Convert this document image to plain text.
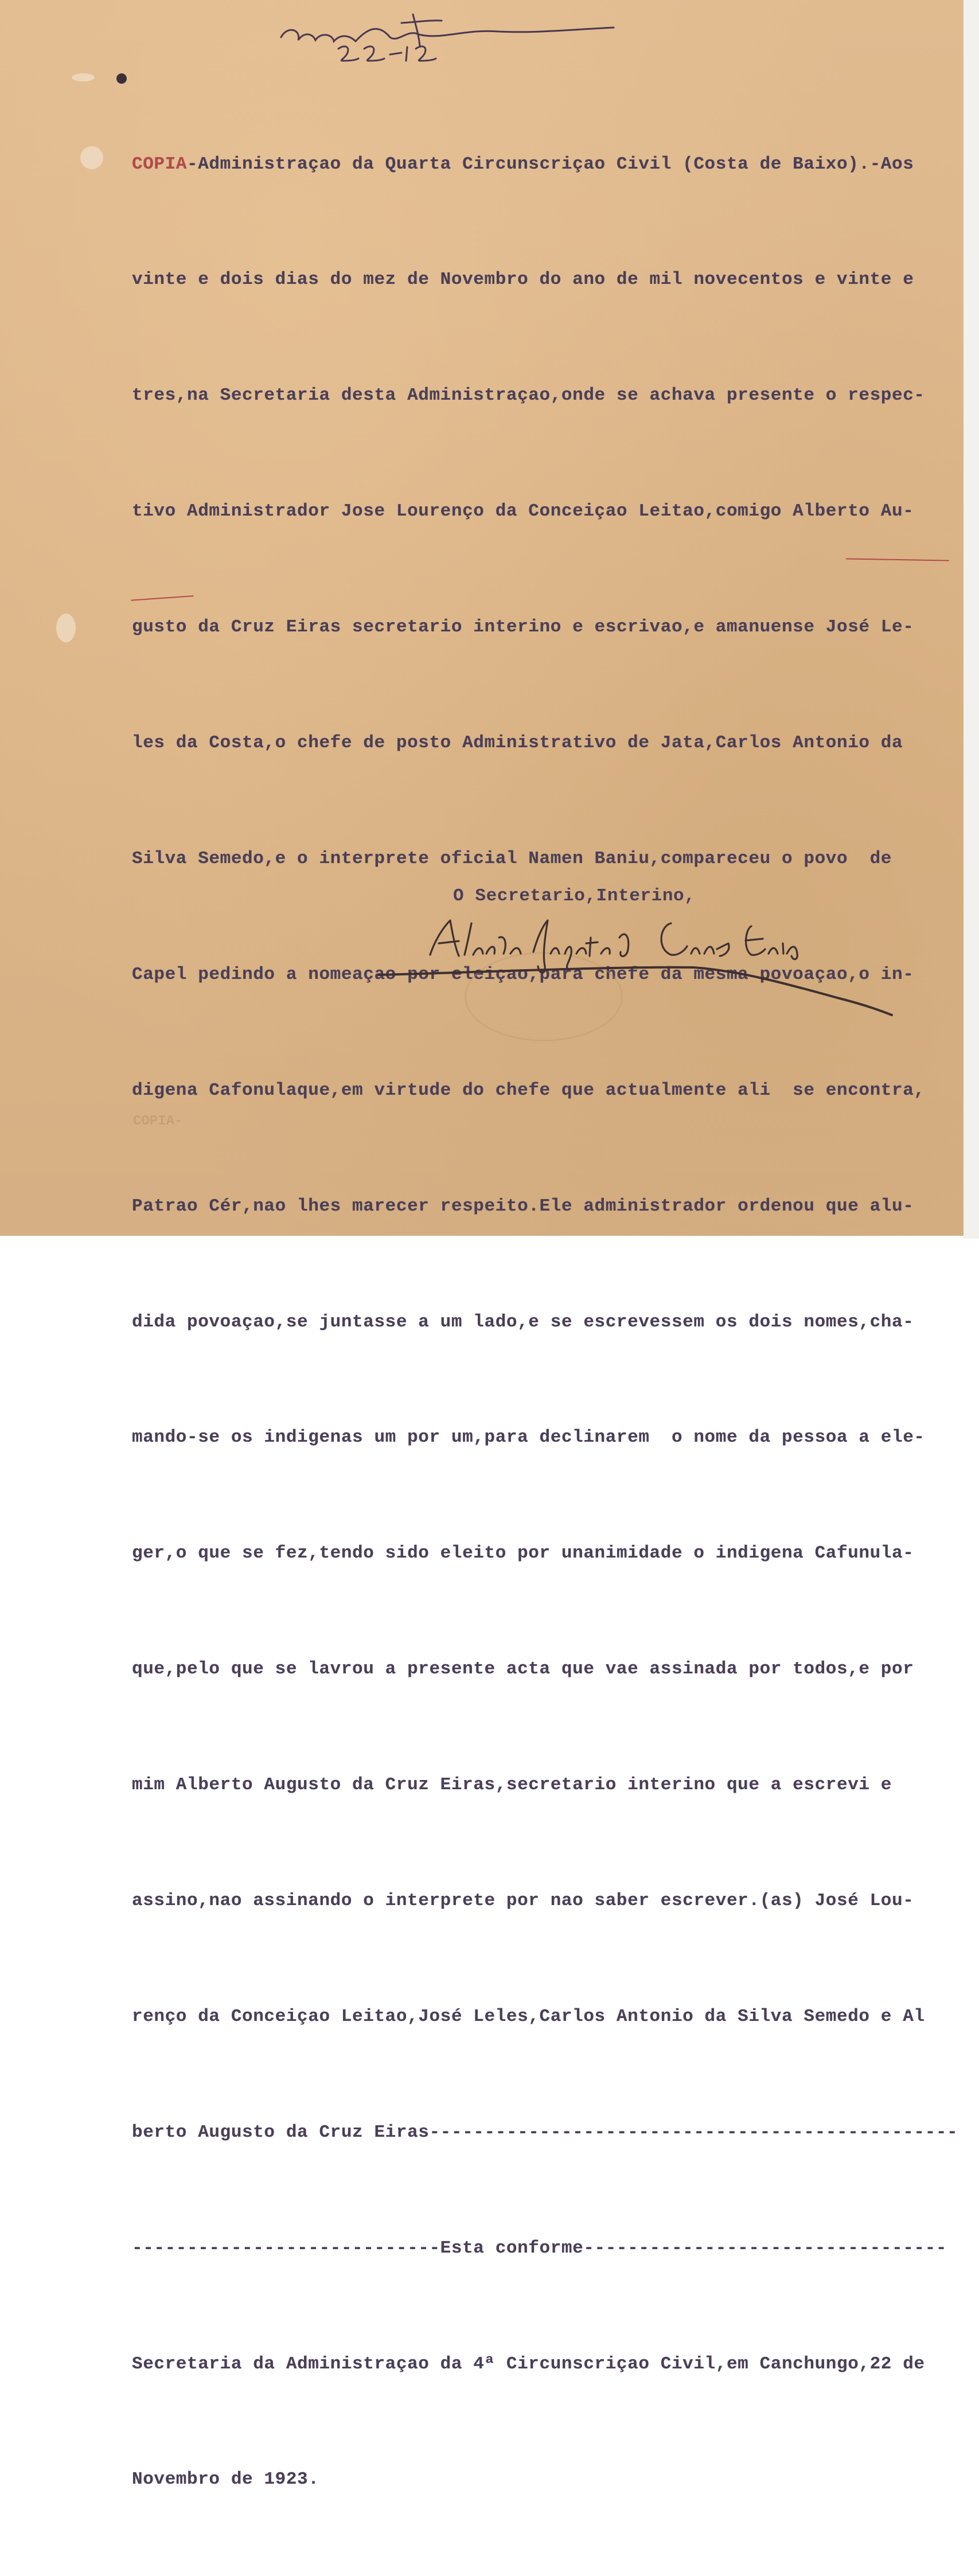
22-12-1923

COPIA-Administraçao da Quarta Circunscriçao Civil (Costa de Baixo).-Aos

vinte e dois dias do mez de Novembro do ano de mil novecentos e vinte e

tres,na Secretaria desta Administraçao,onde se achava presente o respec-

tivo Administrador Jose Lourenço da Conceiçao Leitao,comigo Alberto Au-

gusto da Cruz Eiras secretario interino e escrivao,e amanuense José Le-

les da Costa,o chefe de posto Administrativo de Jata,Carlos Antonio da

Silva Semedo,e o interprete oficial Namen Baniu,compareceu o povo  de

Capel pedindo a nomeaçao por eleiçao,para chefe da mesma povoaçao,o in-

digena Cafonulaque,em virtude do chefe que actualmente ali  se encontra,

Patrao Cér,nao lhes marecer respeito.Ele administrador ordenou que alu-

dida povoaçao,se juntasse a um lado,e se escrevessem os dois nomes,cha-

mando-se os indigenas um por um,para declinarem  o nome da pessoa a ele-

ger,o que se fez,tendo sido eleito por unanimidade o indigena Cafunula-

que,pelo que se lavrou a presente acta que vae assinada por todos,e por

mim Alberto Augusto da Cruz Eiras,secretario interino que a escrevi e

assino,nao assinando o interprete por nao saber escrever.(as) José Lou-

renço da Conceiçao Leitao,José Leles,Carlos Antonio da Silva Semedo e Al

berto Augusto da Cruz Eiras------------------------------------------------

----------------------------Esta conforme---------------------------------

Secretaria da Administraçao da 4ª Circunscriçao Civil,em Canchungo,22 de

Novembro de 1923.

O Secretario,Interino,
Alberto Augusto da Cruz Eiras
COPIA-
